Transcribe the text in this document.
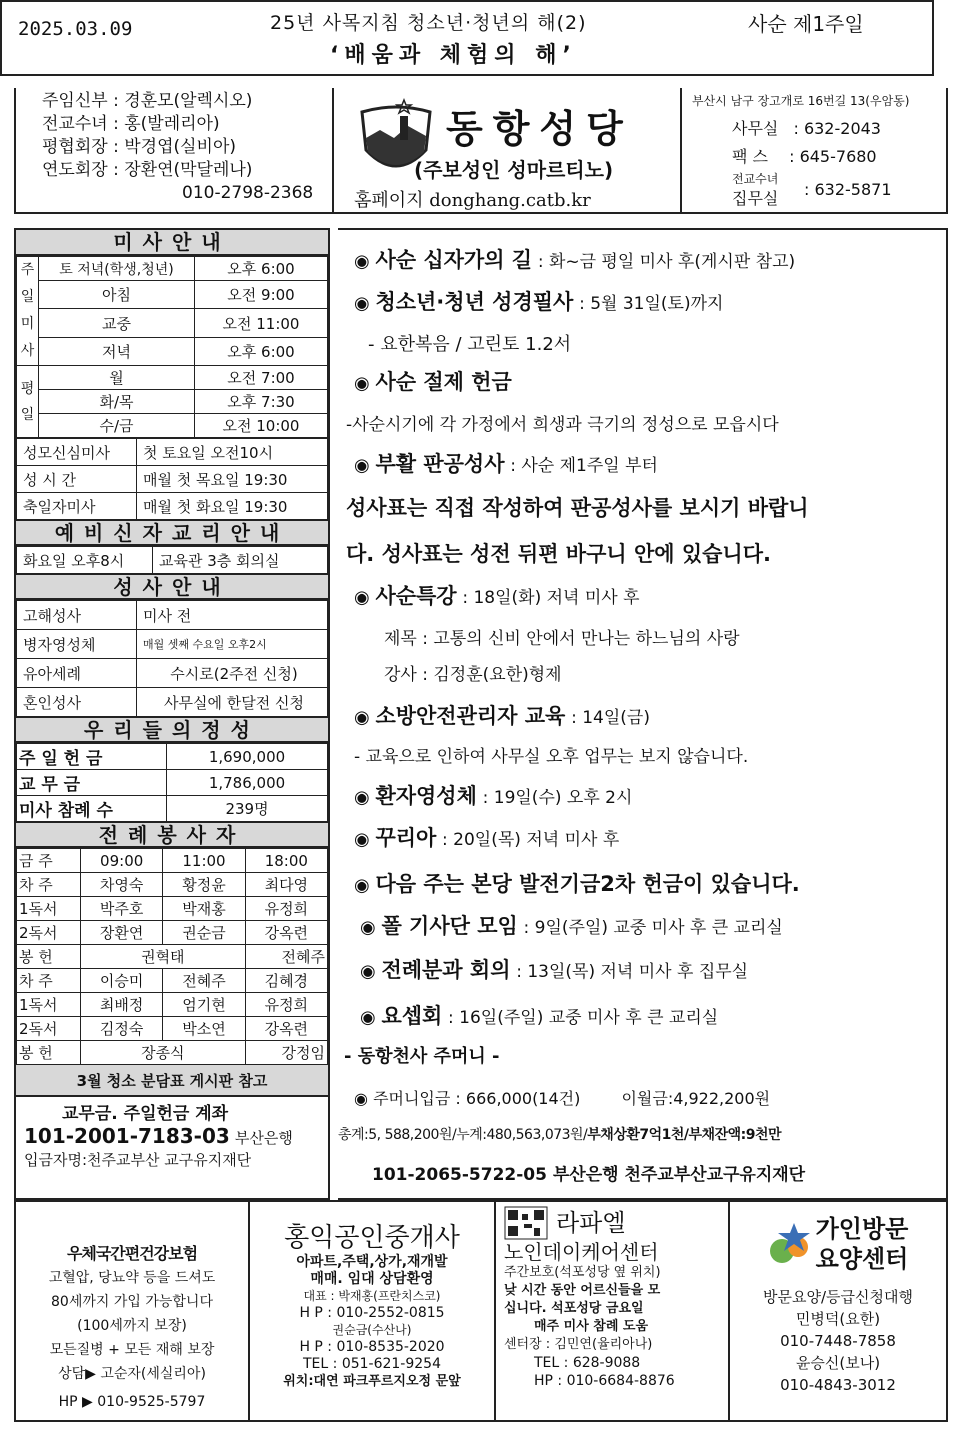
2025.03.09	25년 사목지침 청소년·청년의 해(2)
‘배움과 체험의 해’
사순 제1주일
주임신부 : 경훈모(알렉시오)
전교수녀 : 홍(발레리아)
평협회장 : 박경엽(실비아)
연도회장 : 장환연(막달레나)
010-2798-2368
동항성당
(주보성인 성마르티노)
홈페이지 donghang.catb.kr
부산시 남구 장고개로 16번길 13(우암동)
사무실 : 632-2043
팩 스 : 645-7680
전교수녀
집무실 : 632-5871
미사안내
주
일
미
사	토 저녁(학생,청년)	오후 6:00
	아침	오전 9:00
	교중	오전 11:00
	저녁	오후 6:00
평
일	월	오전 7:00
	화/목	오후 7:30
	수/금	오전 10:00
성모신심미사	첫 토요일 오전10시
성 시 간	매월 첫 목요일 19:30
축일자미사	매월 첫 화요일 19:30
예비신자교리안내
화요일 오후8시	교육관 3층 회의실
성사안내
고해성사	미사 전
병자영성체	매월 셋째 수요일 오후2시
유아세례	수시로(2주전 신청)
혼인성사	사무실에 한달전 신청
우리들의정성
주 일 헌 금	1,690,000
교 무 금	1,786,000
미사 참례 수	239명
전례봉사자
금 주	09:00	11:00	18:00
차 주	차영숙	황정윤	최다영
1독서	박주호	박재홍	유정희
2독서	장환연	권순금	강옥련
봉 헌	권혁태		전혜주
차 주	이승미	전혜주	김혜경
1독서	최배정	엄기현	유정희
2독서	김정숙	박소연	강옥련
봉 헌	장종식		강정임
3월 청소 분담표 게시판 참고
교무금. 주일헌금 계좌
101-2001-7183-03 부산은행
입금자명:천주교부산 교구유지재단
◉ 사순 십자가의 길 : 화~금 평일 미사 후(게시판 참고)
◉ 청소년·청년 성경필사 : 5월 31일(토)까지
- 요한복음 / 고린토 1.2서
◉ 사순 절제 헌금
-사순시기에 각 가정에서 희생과 극기의 정성으로 모읍시다
◉ 부활 판공성사 : 사순 제1주일 부터
성사표는 직접 작성하여 판공성사를 보시기 바랍니
다. 성사표는 성전 뒤편 바구니 안에 있습니다.
◉ 사순특강 : 18일(화) 저녁 미사 후
제목 : 고통의 신비 안에서 만나는 하느님의 사랑
강사 : 김정훈(요한)형제
◉ 소방안전관리자 교육 : 14일(금)
- 교육으로 인하여 사무실 오후 업무는 보지 않습니다.
◉ 환자영성체 : 19일(수) 오후 2시
◉ 꾸리아 : 20일(목) 저녁 미사 후
◉ 다음 주는 본당 발전기금2차 헌금이 있습니다.
◉ 폴 기사단 모임 : 9일(주일) 교중 미사 후 큰 교리실
◉ 전례분과 회의 : 13일(목) 저녁 미사 후 집무실
◉ 요셉회 : 16일(주일) 교중 미사 후 큰 교리실
- 동항천사 주머니 -
◉ 주머니입금 : 666,000(14건)	이월금:4,922,200원
총계:5, 588,200원/누계:480,563,073원/부채상환7억1천/부채잔액:9천만
101-2065-5722-05 부산은행 천주교부산교구유지재단
우체국간편건강보험
고혈압, 당뇨약 등을 드셔도
80세까지 가입 가능합니다
(100세까지 보장)
모든질병 + 모든 재해 보장
상담▶ 고순자(세실리아)
HP ▶ 010-9525-5797
홍익공인중개사
아파트,주택,상가,재개발
매매. 임대 상담환영
대표 : 박재홍(프란치스코)
H P : 010-2552-0815
권순금(수산나)
H P : 010-8535-2020
TEL : 051-621-9254
위치:대연 파크푸르지오정 문앞
라파엘
노인데이케어센터
주간보호(석포성당 옆 위치)
낮 시간 동안 어르신들을 모
십니다. 석포성당 금요일
매주 미사 참례 도움
센터장 : 김민연(율리아나)
TEL : 628-9088
HP : 010-6684-8876
가인방문
요양센터
방문요양/등급신청대행
민병덕(요한)
010-7448-7858
윤승신(보나)
010-4843-3012
